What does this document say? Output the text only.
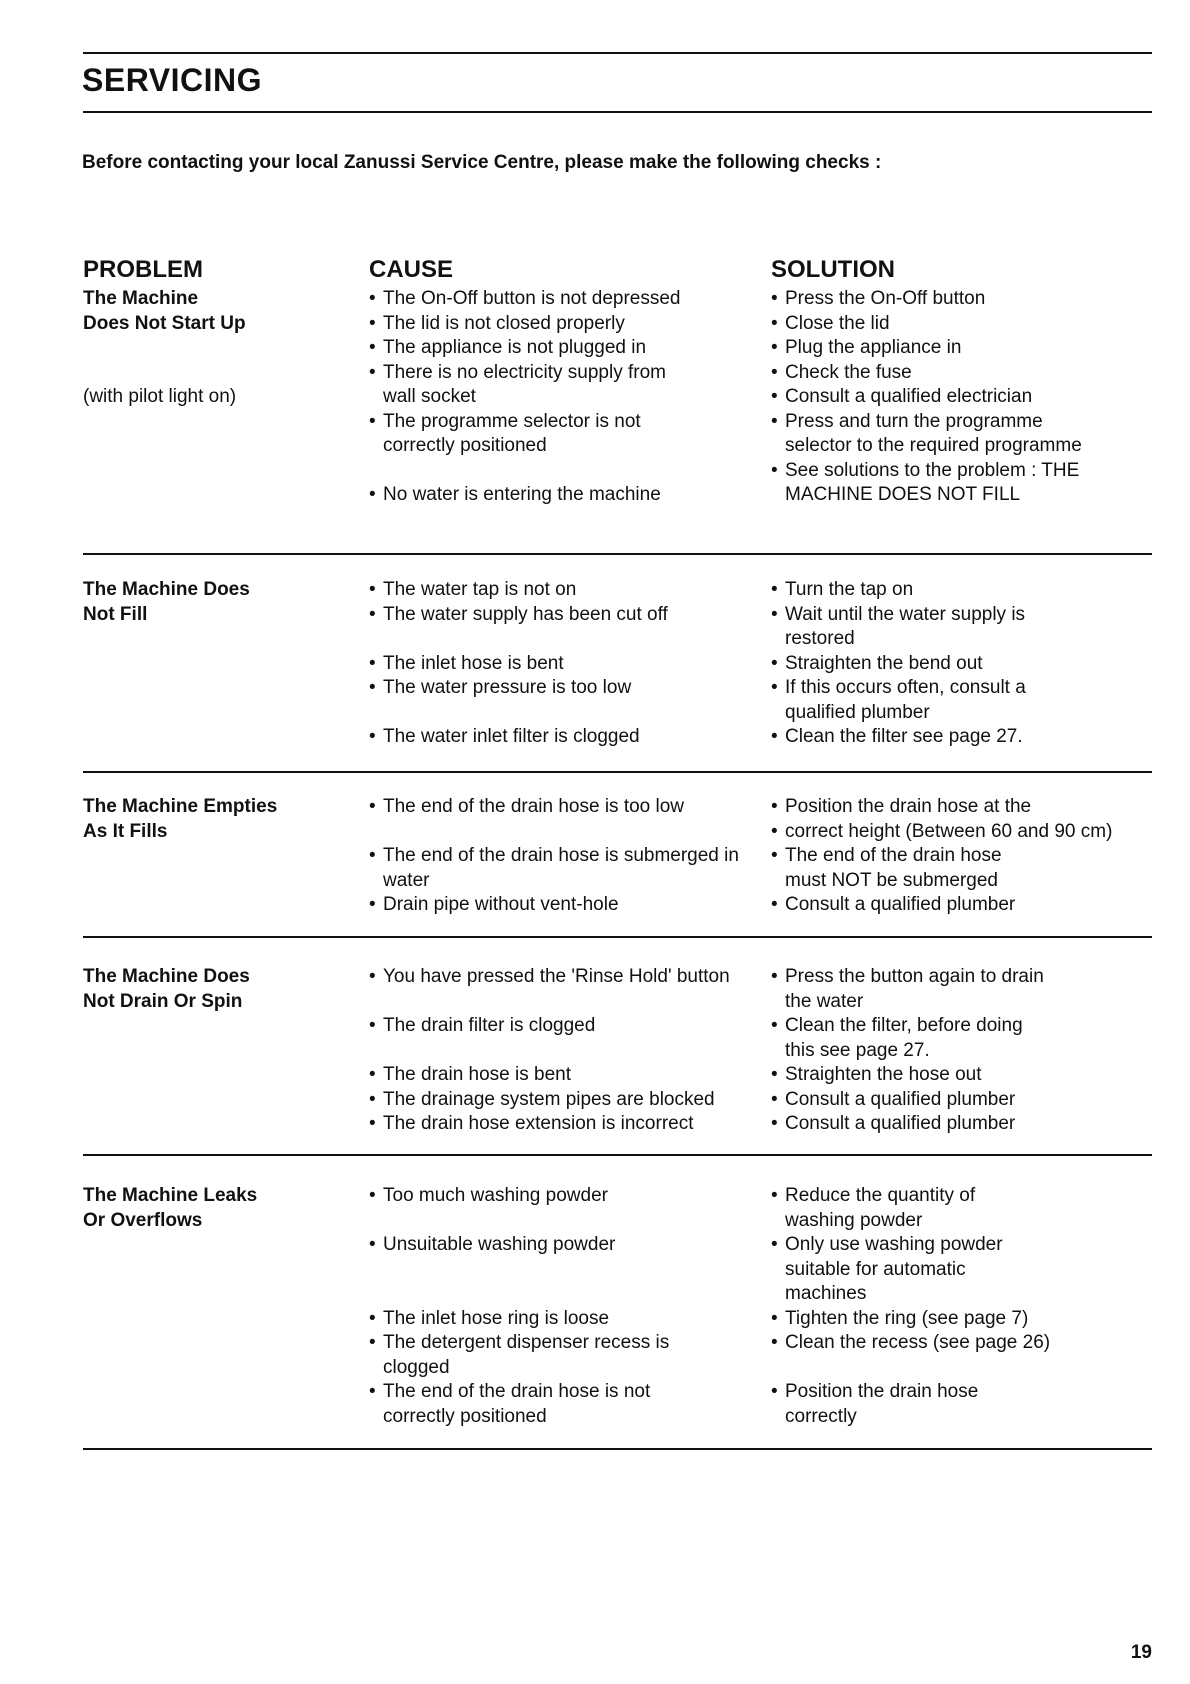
SERVICING
Before contacting your local Zanussi Service Centre, please make the following checks :
PROBLEM	CAUSE	SOLUTION
The Machine
Does Not Start Up
(with pilot light on)
• The On-Off button is not depressed
• The lid is not closed properly
• The appliance is not plugged in
• There is no electricity supply from wall socket
• The programme selector is not correctly positioned
• No water is entering the machine
• Press the On-Off button
• Close the lid
• Plug the appliance in
• Check the fuse
• Consult a qualified electrician
• Press and turn the programme selector to the required programme
• See solutions to the problem : THE MACHINE DOES NOT FILL
The Machine Does
Not Fill
• The water tap is not on
• The water supply has been cut off
• The inlet hose is bent
• The water pressure is too low
• The water inlet filter is clogged
• Turn the tap on
• Wait until the water supply is restored
• Straighten the bend out
• If this occurs often, consult a qualified plumber
• Clean the filter see page 27.
The Machine Empties
As It Fills
• The end of the drain hose is too low
• The end of the drain hose is submerged in water
• Drain pipe without vent-hole
• Position the drain hose at the
• correct height (Between 60 and 90 cm)
• The end of the drain hose must NOT be submerged
• Consult a qualified plumber
The Machine Does
Not Drain Or Spin
• You have pressed the 'Rinse Hold' button
• The drain filter is clogged
• The drain hose is bent
• The drainage system pipes are blocked
• The drain hose extension is incorrect
• Press the button again to drain the water
• Clean the filter, before doing this see page 27.
• Straighten the hose out
• Consult a qualified plumber
• Consult a qualified plumber
The Machine Leaks
Or Overflows
• Too much washing powder
• Unsuitable washing powder
• The inlet hose ring is loose
• The detergent dispenser recess is clogged
• The end of the drain hose is not correctly positioned
• Reduce the quantity of washing powder
• Only use washing powder suitable for automatic machines
• Tighten the ring (see page 7)
• Clean the recess (see page 26)
• Position the drain hose correctly
19
